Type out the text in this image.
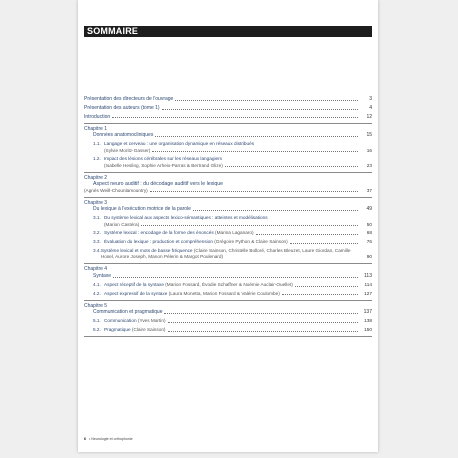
SOMMAIRE
Présentation des directeurs de l'ouvrage	3
Présentation des auteurs (tome 1)	4
Introduction	12
Chapitre 1
Données anatomocliniques	15
1.1. Langage et cerveau : une organisation dynamique en réseaux distribués
(Sylvie Moritz-Gasser)	16
1.2. Impact des lésions cérébrales sur les réseaux langagiers
(Isabelle Hesling, Sophie Arheix-Parras & Bertrand Glize)	23
Chapitre 2
Aspect neuro auditif : du décodage auditif vers le lexique
(Agnès Weill-Chounlamountry)	37
Chapitre 3
Du lexique à l'exécution motrice de la parole	49
3.1. Du système lexical aux aspects lexico-sémantiques : atteintes et modélisations
(Marion Castéra)	50
3.2. Système lexical : encodage de la forme des énoncés (Marina Laganaro)	68
3.3. Évaluation du lexique : production et compréhension (Grégoire Python & Claire Sainson)	76
3.4. Système lexical et mots de basse fréquence (Claire Sainson, Christelle Bolloré, Charles Bleuzet, Laure Giordan, Camille Hosel, Aurore Joseph, Manon Pélerin & Margot Poulenard)	90
Chapitre 4
Syntaxe	113
4.1. Aspect réceptif de la syntaxe (Marion Fossard, Évodie Schaffner & Noémie Auclair-Ouellet)	114
4.2. Aspect expressif de la syntaxe (Laura Monetta, Marion Fossard & Valérie Coulombe)	127
Chapitre 5
Communication et pragmatique	137
5.1. Communication (Yves Martin)	138
5.2. Pragmatique (Claire Sainson)	150
6 • Neurologie et orthophonie
